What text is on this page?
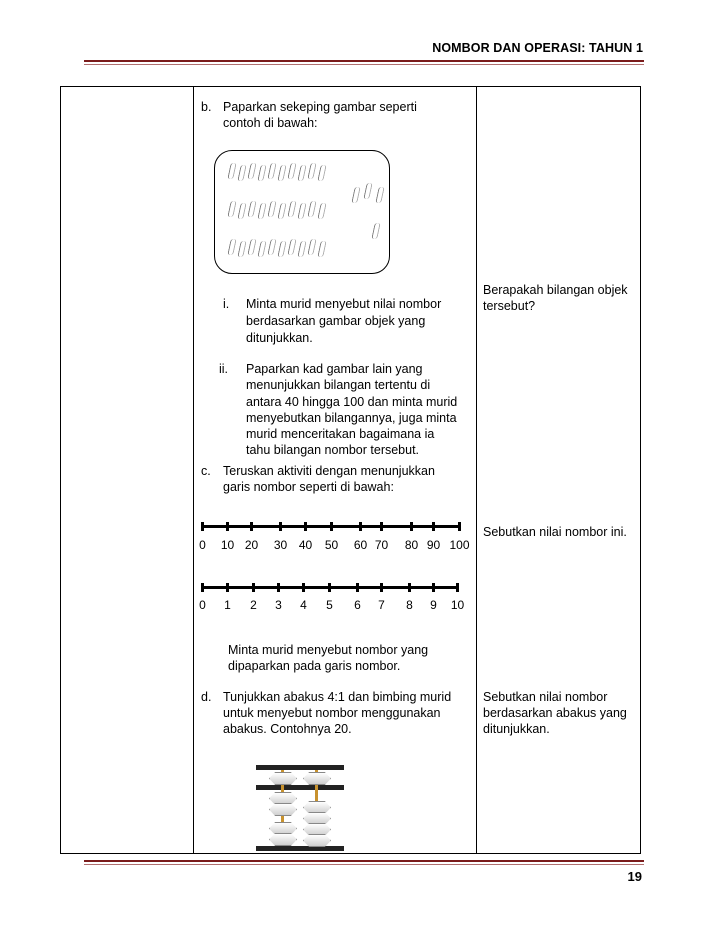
NOMBOR DAN OPERASI: TAHUN 1
b. Paparkan sekeping gambar seperti
contoh di bawah:
i. Minta murid menyebut nilai nombor
berdasarkan gambar objek yang
ditunjukkan.
ii. Paparkan kad gambar lain yang
menunjukkan bilangan tertentu di
antara 40 hingga 100 dan minta murid
menyebutkan bilangannya, juga minta
murid menceritakan bagaimana ia
tahu bilangan nombor tersebut.
Berapakah bilangan objek
tersebut?
c. Teruskan aktiviti dengan menunjukkan
garis nombor seperti di bawah:
Sebutkan nilai nombor ini.
0 10 20 30 40 50 60 70 80 90 100
0 1 2 3 4 5 6 7 8 9 10
Minta murid menyebut nombor yang
dipaparkan pada garis nombor.
d. Tunjukkan abakus 4:1 dan bimbing murid
untuk menyebut nombor menggunakan
abakus. Contohnya 20.
Sebutkan nilai nombor
berdasarkan abakus yang
ditunjukkan.
19
